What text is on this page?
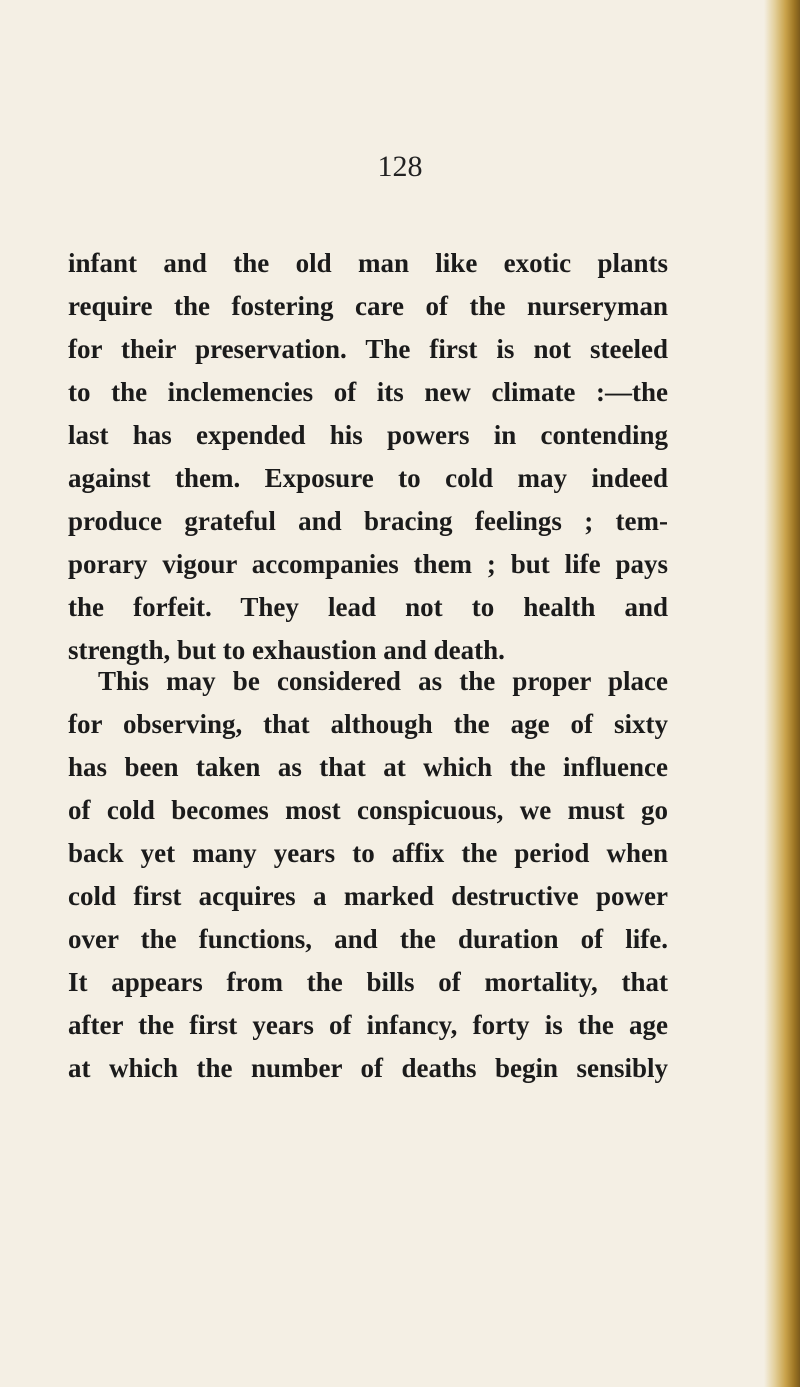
128
infant and the old man like exotic plants
require the fostering care of the nurseryman
for their preservation. The first is not steeled
to the inclemencies of its new climate :—the
last has expended his powers in contending
against them. Exposure to cold may indeed
produce grateful and bracing feelings ; tem-
porary vigour accompanies them ; but life pays
the forfeit. They lead not to health and
strength, but to exhaustion and death.
This may be considered as the proper place
for observing, that although the age of sixty
has been taken as that at which the influence
of cold becomes most conspicuous, we must go
back yet many years to affix the period when
cold first acquires a marked destructive power
over the functions, and the duration of life.
It appears from the bills of mortality, that
after the first years of infancy, forty is the age
at which the number of deaths begin sensibly
